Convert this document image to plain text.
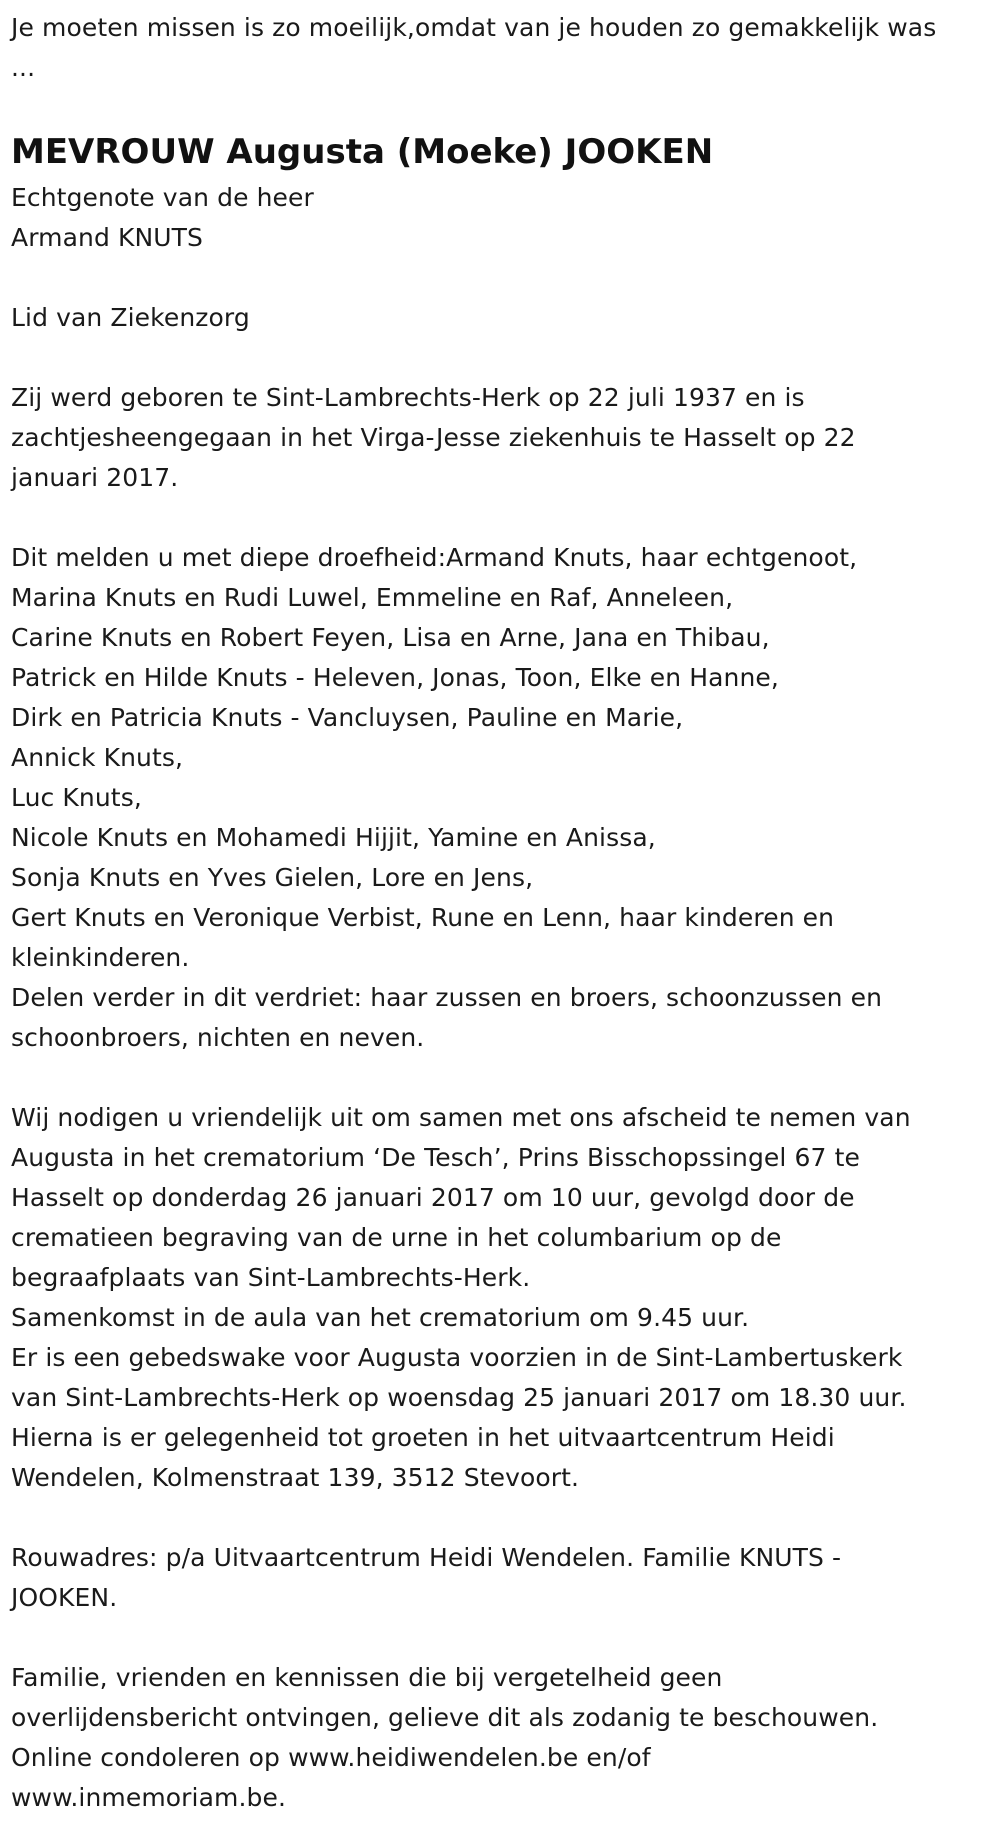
Je moeten missen is zo moeilijk,omdat van je houden zo gemakkelijk was
...
MEVROUW Augusta (Moeke) JOOKEN
Echtgenote van de heer
Armand KNUTS
Lid van Ziekenzorg
Zij werd geboren te Sint-Lambrechts-Herk op 22 juli 1937 en is
zachtjesheengegaan in het Virga-Jesse ziekenhuis te Hasselt op 22
januari 2017.
Dit melden u met diepe droefheid:Armand Knuts, haar echtgenoot,
Marina Knuts en Rudi Luwel, Emmeline en Raf, Anneleen,
Carine Knuts en Robert Feyen, Lisa en Arne, Jana en Thibau,
Patrick en Hilde Knuts - Heleven, Jonas, Toon, Elke en Hanne,
Dirk en Patricia Knuts - Vancluysen, Pauline en Marie,
Annick Knuts,
Luc Knuts,
Nicole Knuts en Mohamedi Hijjit, Yamine en Anissa,
Sonja Knuts en Yves Gielen, Lore en Jens,
Gert Knuts en Veronique Verbist, Rune en Lenn, haar kinderen en
kleinkinderen.
Delen verder in dit verdriet: haar zussen en broers, schoonzussen en
schoonbroers, nichten en neven.
Wij nodigen u vriendelijk uit om samen met ons afscheid te nemen van
Augusta in het crematorium ‘De Tesch’, Prins Bisschopssingel 67 te
Hasselt op donderdag 26 januari 2017 om 10 uur, gevolgd door de
crematieen begraving van de urne in het columbarium op de
begraafplaats van Sint-Lambrechts-Herk.
Samenkomst in de aula van het crematorium om 9.45 uur.
Er is een gebedswake voor Augusta voorzien in de Sint-Lambertuskerk
van Sint-Lambrechts-Herk op woensdag 25 januari 2017 om 18.30 uur.
Hierna is er gelegenheid tot groeten in het uitvaartcentrum Heidi
Wendelen, Kolmenstraat 139, 3512 Stevoort.
Rouwadres: p/a Uitvaartcentrum Heidi Wendelen. Familie KNUTS -
JOOKEN.
Familie, vrienden en kennissen die bij vergetelheid geen
overlijdensbericht ontvingen, gelieve dit als zodanig te beschouwen.
Online condoleren op www.heidiwendelen.be en/of
www.inmemoriam.be.
